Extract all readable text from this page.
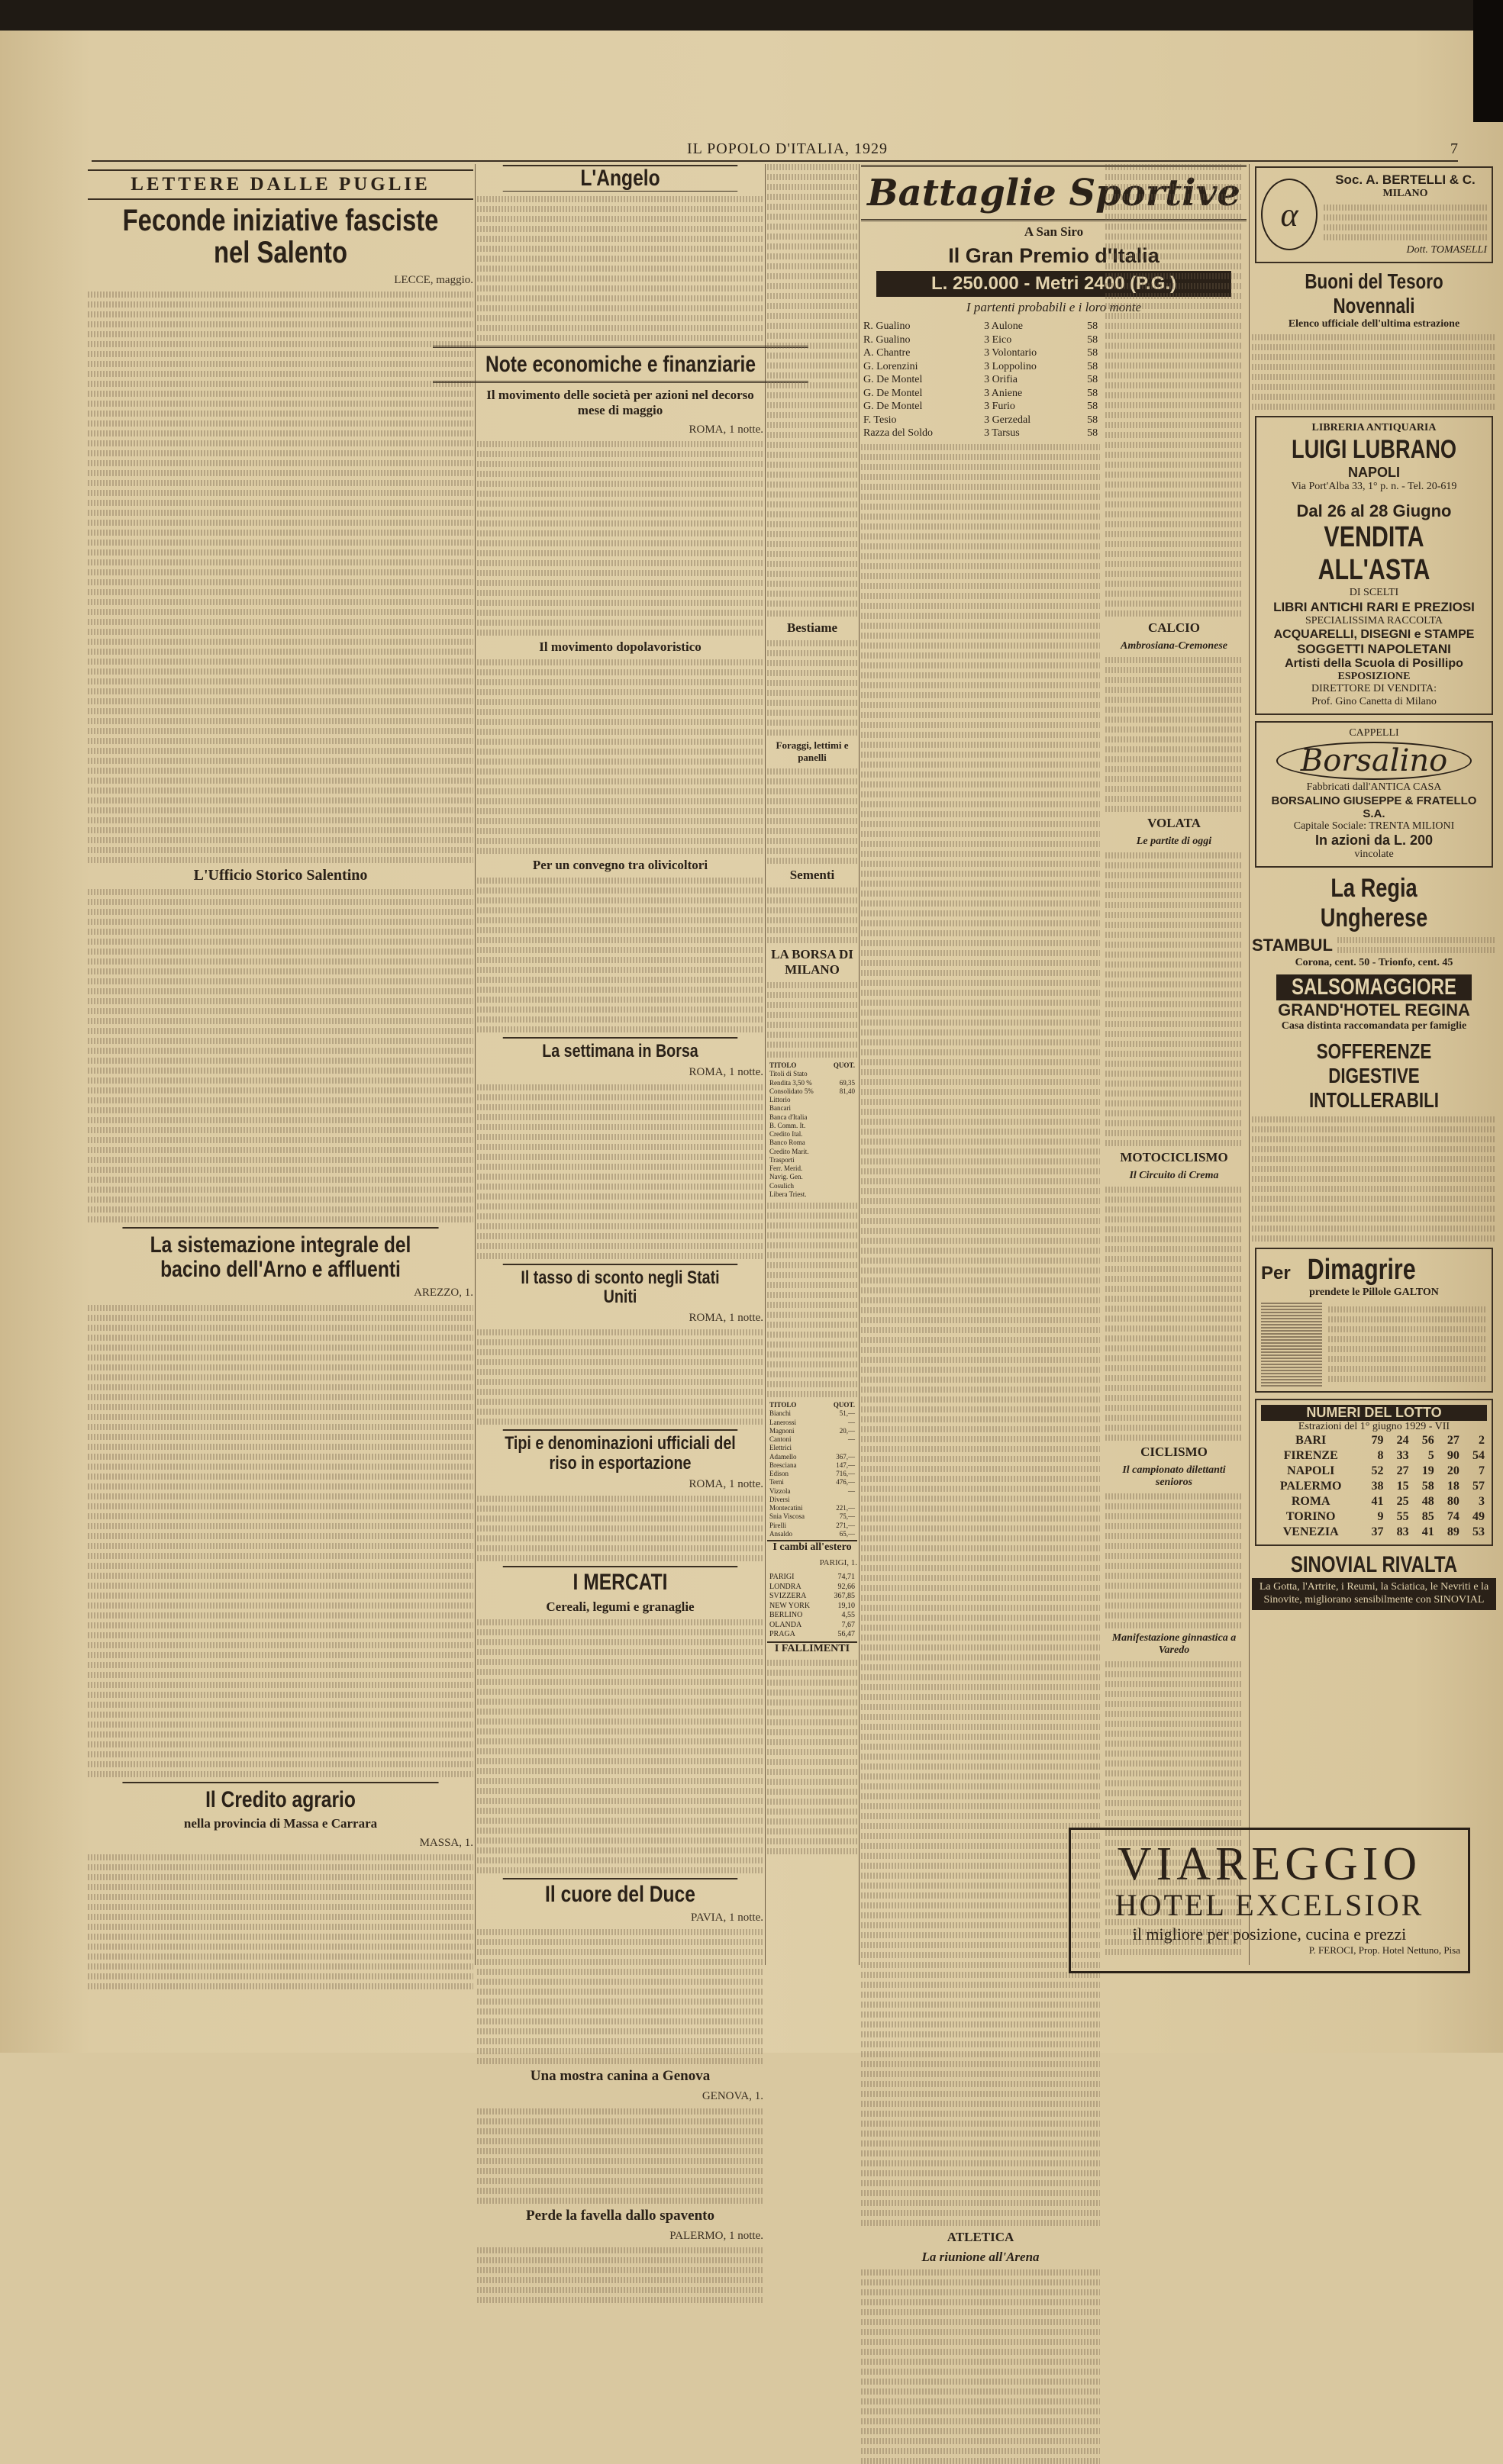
IL POPOLO D'ITALIA, 1929	7
LETTERE DALLE PUGLIE
Feconde iniziative fasciste nel Salento
LECCE, maggio.
L'Ufficio Storico Salentino
La sistemazione integrale del bacino dell'Arno e affluenti
AREZZO, 1.
Il Credito agrario
nella provincia di Massa e Carrara
MASSA, 1.
L'Angelo
Note economiche e finanziarie
Il movimento delle società per azioni nel decorso mese di maggio
ROMA, 1 notte.
Il movimento dopolavoristico
Per un convegno tra olivicoltori
La settimana in Borsa
ROMA, 1 notte.
Il tasso di sconto negli Stati Uniti
ROMA, 1 notte.
Tipi e denominazioni ufficiali del riso in esportazione
ROMA, 1 notte.
I MERCATI
Cereali, legumi e granaglie
Il cuore del Duce
PAVIA, 1 notte.
Una mostra canina a Genova
GENOVA, 1.
Perde la favella dallo spavento
PALERMO, 1 notte.
Bestiame
Foraggi, lettimi e panelli
Sementi
LA BORSA DI MILANO
TITOLO	QUOT.
Titoli di Stato	
Rendita 3,50 %	69,35
Consolidato 5%	81,40
Littorio	
Bancari	
Banca d'Italia	
B. Comm. It.	
Credito Ital.	
Banco Roma	
Credito Marit.	
Trasporti	
Ferr. Merid.	
Navig. Gen.	
Cosulich	
Libera Triest.	
TITOLO	QUOT.
Bianchi	51,—
Lanerossi	—
Magnoni	20,—
Cantoni	—
Elettrici	
Adamello	367,—
Bresciana	147,—
Edison	716,—
Terni	476,—
Vizzola	—
Diversi	
Montecatini	221,—
Snia Viscosa	75,—
Pirelli	271,—
Ansaldo	65,—
I cambi all'estero
PARIGI, 1.
PARIGI	74,71
LONDRA	92,66
SVIZZERA	367,85
NEW YORK	19,10
BERLINO	4,55
OLANDA	7,67
PRAGA	56,47
I FALLIMENTI
Battaglie Sportive
A San Siro
Il Gran Premio d'Italia
L. 250.000 - Metri 2400 (P.G.)
I partenti probabili e i loro monte
R. Gualino	3 Aulone	58
R. Gualino	3 Eico	58
A. Chantre	3 Volontario	58
G. Lorenzini	3 Loppolino	58
G. De Montel	3 Orifia	58
G. De Montel	3 Aniene	58
G. De Montel	3 Furio	58
F. Tesio	3 Gerzedal	58
Razza del Soldo	3 Tarsus	58
ATLETICA
La riunione all'Arena
CALCIO
Ambrosiana-Cremonese
VOLATA
Le partite di oggi
MOTOCICLISMO
Il Circuito di Crema
CICLISMO
Il campionato dilettanti senioros
Manifestazione ginnastica a Varedo
α
Soc. A. BERTELLI & C.
MILANO
Dott. TOMASELLI
Buoni del Tesoro Novennali
Elenco ufficiale dell'ultima estrazione
LIBRERIA ANTIQUARIA
LUIGI LUBRANO
NAPOLI
Via Port'Alba 33, 1° p. n. - Tel. 20-619
Dal 26 al 28 Giugno
VENDITA ALL'ASTA
DI SCELTI
LIBRI ANTICHI RARI E PREZIOSI
SPECIALISSIMA RACCOLTA
ACQUARELLI, DISEGNI e STAMPE
SOGGETTI NAPOLETANI
Artisti della Scuola di Posillipo
ESPOSIZIONE
DIRETTORE DI VENDITA:
Prof. Gino Canetta di Milano
CAPPELLI
Borsalino
Fabbricati dall'ANTICA CASA
BORSALINO GIUSEPPE & FRATELLO S.A.
Capitale Sociale: TRENTA MILIONI
In azioni da L. 200
vincolate
La Regia Ungherese
STAMBUL
Corona, cent. 50 - Trionfo, cent. 45
SALSOMAGGIORE
GRAND'HOTEL REGINA
Casa distinta raccomandata per famiglie
SOFFERENZE DIGESTIVE
INTOLLERABILI
Per Dimagrire
prendete le Pillole GALTON
NUMERI DEL LOTTO
Estrazioni del 1° giugno 1929 - VII
BARI	79	24	56	27	2
FIRENZE	8	33	5	90	54
NAPOLI	52	27	19	20	7
PALERMO	38	15	58	18	57
ROMA	41	25	48	80	3
TORINO	9	55	85	74	49
VENEZIA	37	83	41	89	53
SINOVIAL RIVALTA
La Gotta, l'Artrite, i Reumi, la Sciatica, le Nevriti e la Sinovite, migliorano sensibilmente con SINOVIAL
VIAREGGIO
HOTEL EXCELSIOR
il migliore per posizione, cucina e prezzi
P. FEROCI, Prop. Hotel Nettuno, Pisa
